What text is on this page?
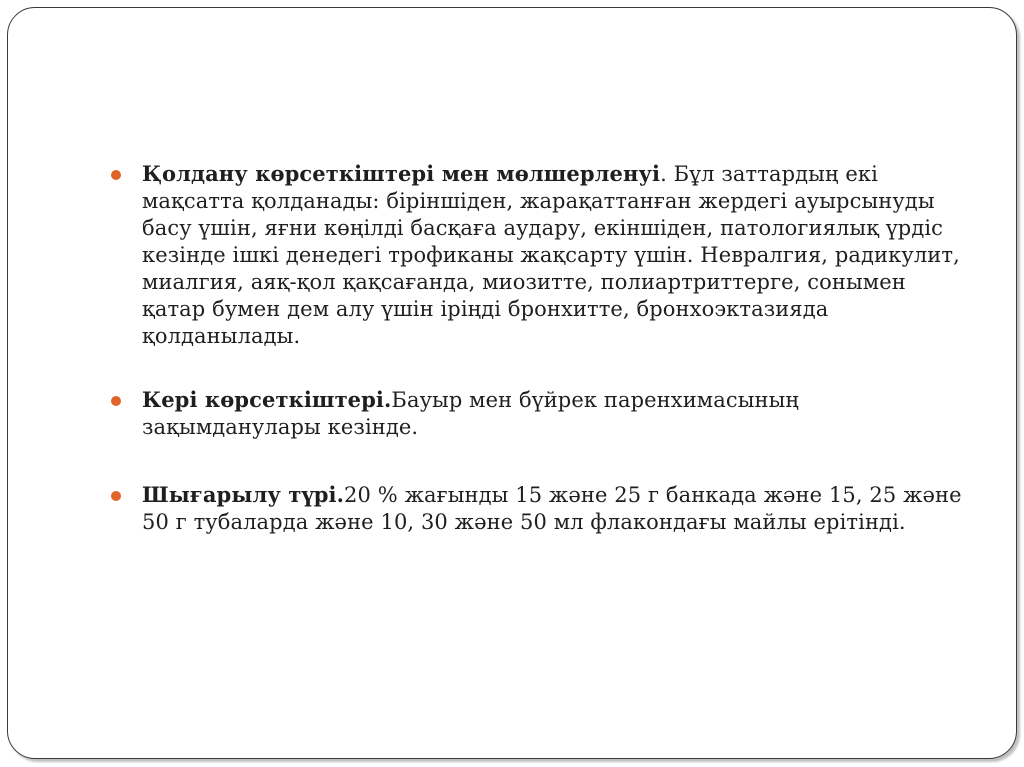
Қолдану көрсеткіштері мен мөлшерленуі. Бұл заттардың екі мақсатта қолданады: біріншіден, жарақаттанған жердегі ауырсынуды басу үшін, яғни көңілді басқаға аудару, екіншіден, патологиялық үрдіс кезінде ішкі денедегі трофиканы жақсарту үшін. Невралгия, радикулит, миалгия, аяқ-қол қақсағанда, миозитте, полиартриттерге, сонымен қатар бумен дем алу үшін іріңді бронхитте, бронхоэктазияда қолданылады.

Кері көрсеткіштері.Бауыр мен бүйрек паренхимасының зақымданулары кезінде.

Шығарылу түрі.20 % жағынды 15 және 25 г банкада және 15, 25 және 50 г тубаларда және 10, 30 және 50 мл флакондағы майлы ерітінді.
